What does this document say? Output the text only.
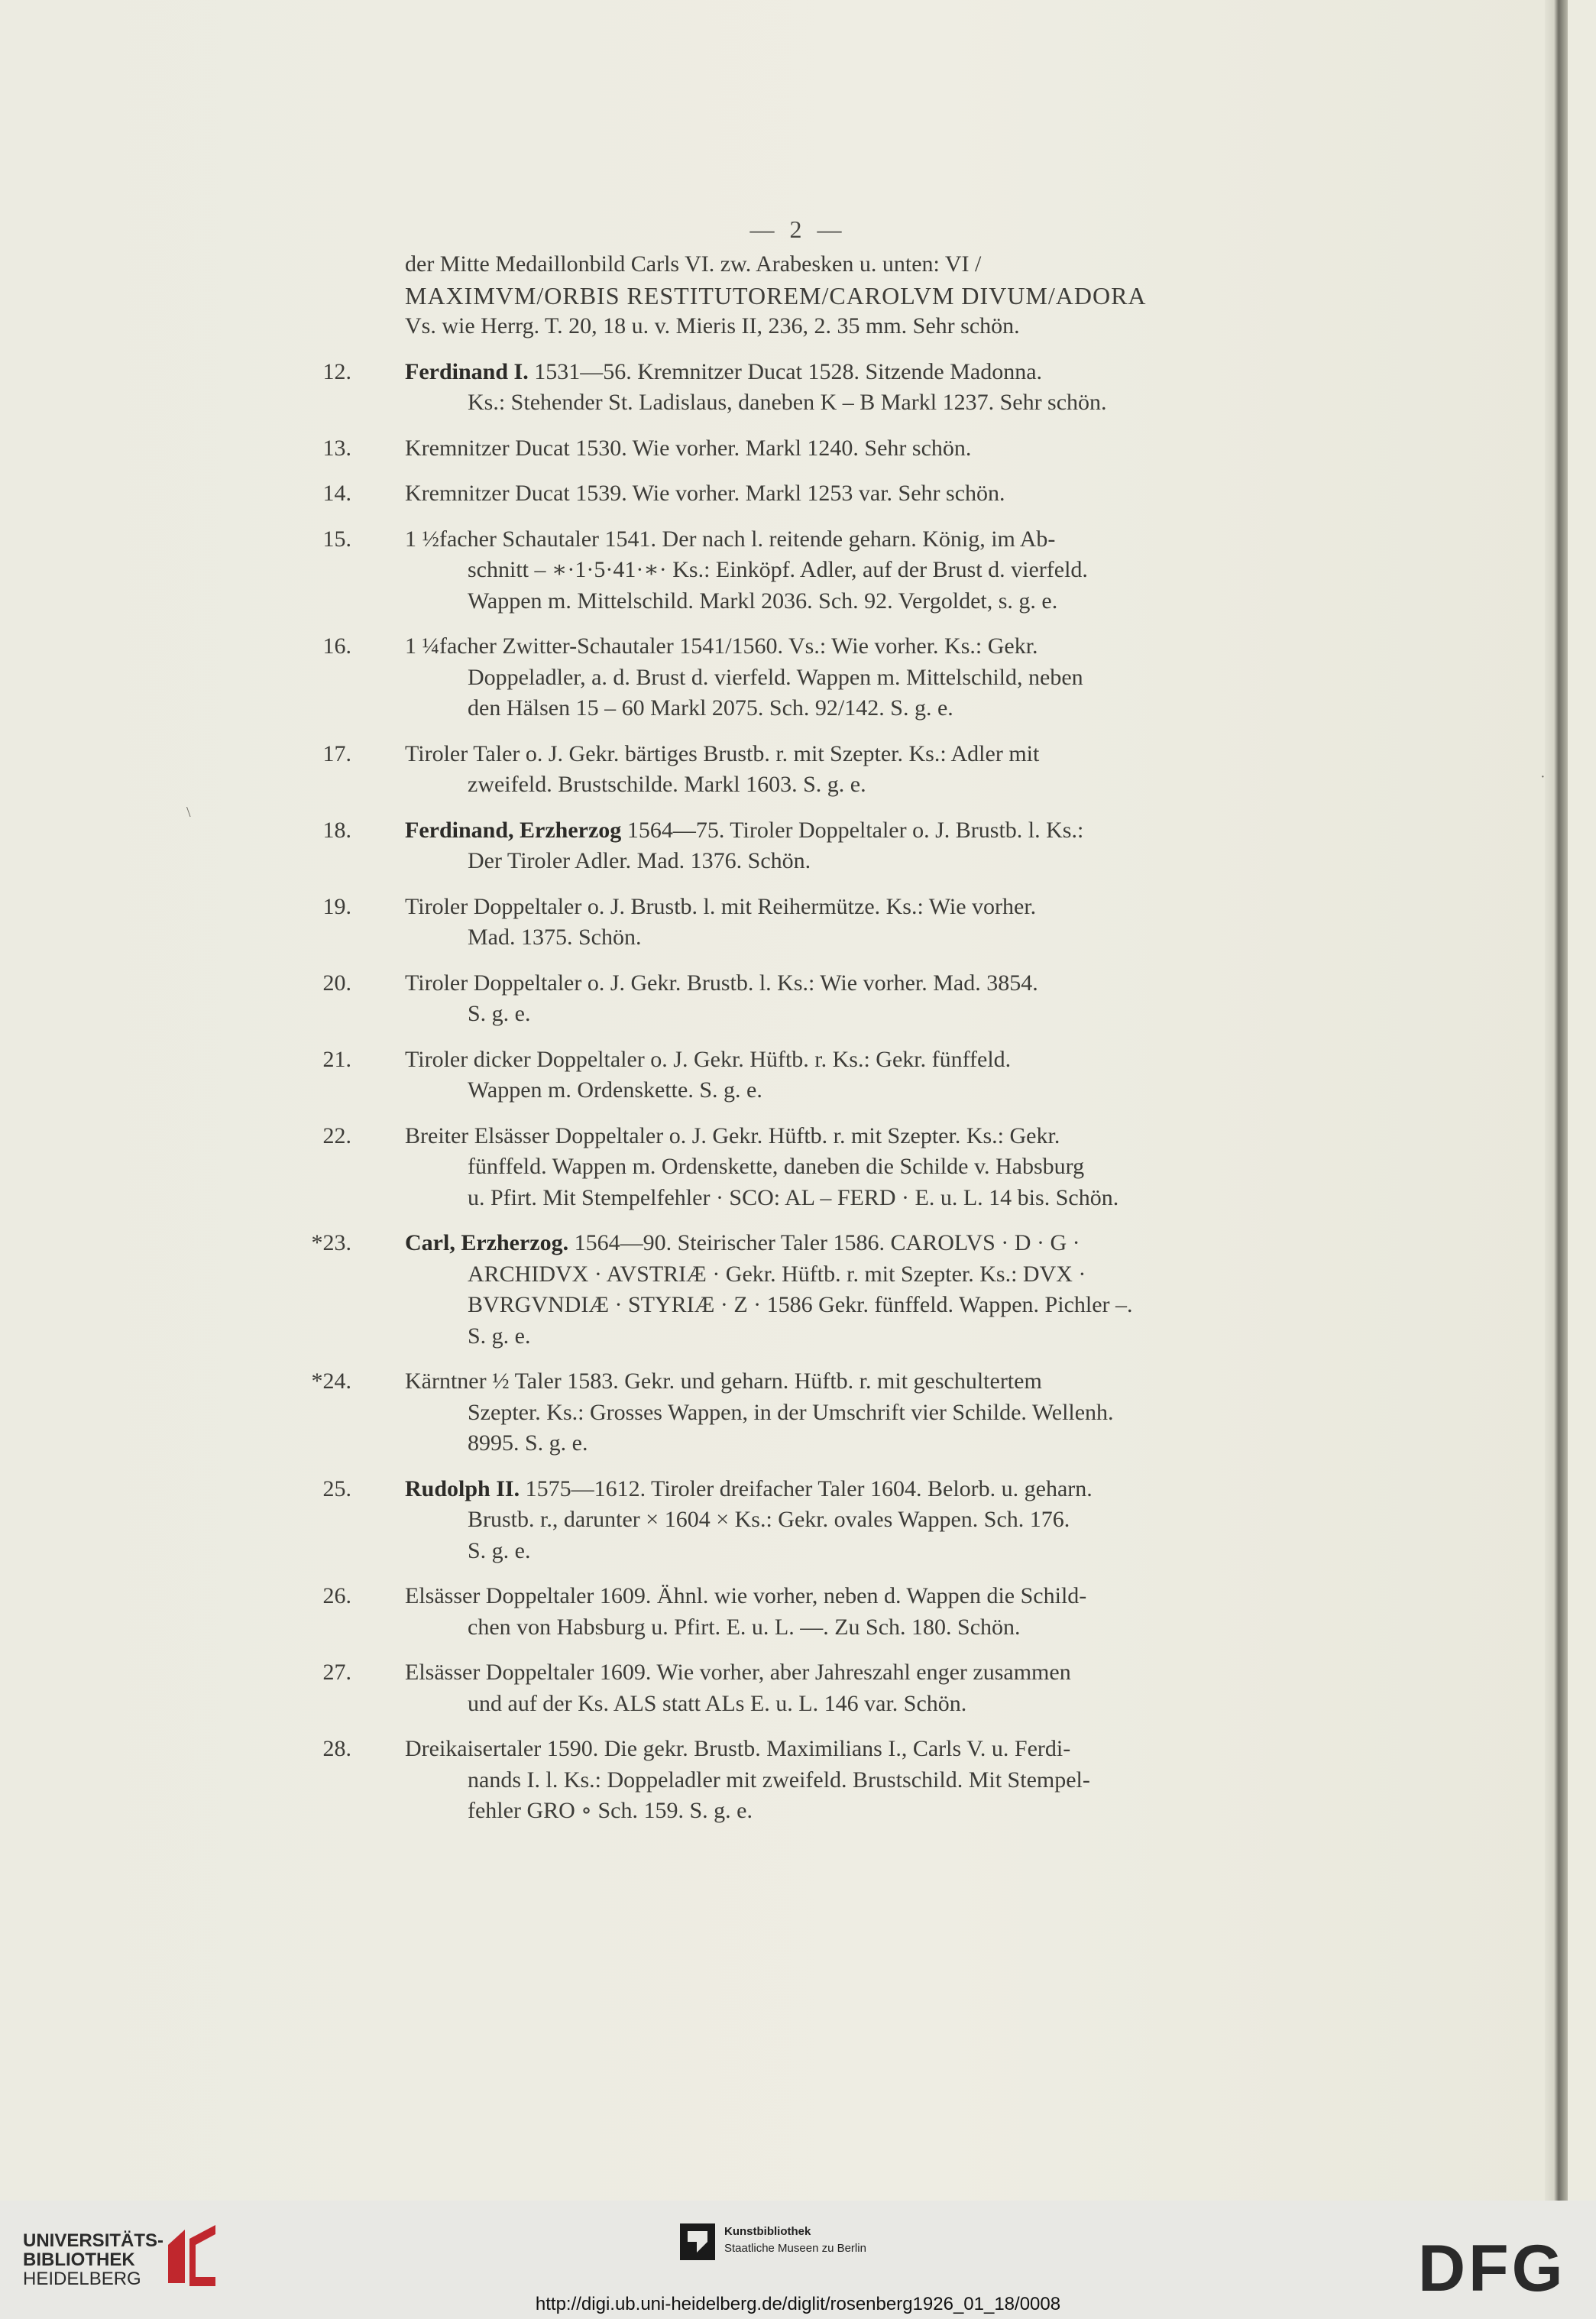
— 2 —
der Mitte Medaillonbild Carls VI. zw. Arabesken u. unten: VI /
MAXIMVM/ORBIS RESTITUTOREM/CAROLVM DIVUM/ADORA
Vs. wie Herrg. T. 20, 18 u. v. Mieris II, 236, 2. 35 mm. Sehr schön.
12. Ferdinand I. 1531—56. Kremnitzer Ducat 1528. Sitzende Madonna.
Ks.: Stehender St. Ladislaus, daneben K – B Markl 1237. Sehr schön.
13. Kremnitzer Ducat 1530. Wie vorher. Markl 1240. Sehr schön.
14. Kremnitzer Ducat 1539. Wie vorher. Markl 1253 var. Sehr schön.
15. 1 ½facher Schautaler 1541. Der nach l. reitende geharn. König, im Ab-
schnitt – ∗·1·5·41·∗· Ks.: Einköpf. Adler, auf der Brust d. vierfeld.
Wappen m. Mittelschild. Markl 2036. Sch. 92. Vergoldet, s. g. e.
16. 1 ¼facher Zwitter-Schautaler 1541/1560. Vs.: Wie vorher. Ks.: Gekr.
Doppeladler, a. d. Brust d. vierfeld. Wappen m. Mittelschild, neben
den Hälsen 15 – 60 Markl 2075. Sch. 92/142. S. g. e.
17. Tiroler Taler o. J. Gekr. bärtiges Brustb. r. mit Szepter. Ks.: Adler mit
zweifeld. Brustschilde. Markl 1603. S. g. e.
18. Ferdinand, Erzherzog 1564—75. Tiroler Doppeltaler o. J. Brustb. l. Ks.:
Der Tiroler Adler. Mad. 1376. Schön.
19. Tiroler Doppeltaler o. J. Brustb. l. mit Reihermütze. Ks.: Wie vorher.
Mad. 1375. Schön.
20. Tiroler Doppeltaler o. J. Gekr. Brustb. l. Ks.: Wie vorher. Mad. 3854.
S. g. e.
21. Tiroler dicker Doppeltaler o. J. Gekr. Hüftb. r. Ks.: Gekr. fünffeld.
Wappen m. Ordenskette. S. g. e.
22. Breiter Elsässer Doppeltaler o. J. Gekr. Hüftb. r. mit Szepter. Ks.: Gekr.
fünffeld. Wappen m. Ordenskette, daneben die Schilde v. Habsburg
u. Pfirt. Mit Stempelfehler · SCO: AL – FERD · E. u. L. 14 bis. Schön.
*23. Carl, Erzherzog. 1564—90. Steirischer Taler 1586. CAROLVS · D · G ·
ARCHIDVX · AVSTRIÆ · Gekr. Hüftb. r. mit Szepter. Ks.: DVX ·
BVRGVNDIÆ · STYRIÆ · Z · 1586 Gekr. fünffeld. Wappen. Pichler –.
S. g. e.
*24. Kärntner ½ Taler 1583. Gekr. und geharn. Hüftb. r. mit geschultertem
Szepter. Ks.: Grosses Wappen, in der Umschrift vier Schilde. Wellenh.
8995. S. g. e.
25. Rudolph II. 1575—1612. Tiroler dreifacher Taler 1604. Belorb. u. geharn.
Brustb. r., darunter × 1604 × Ks.: Gekr. ovales Wappen. Sch. 176.
S. g. e.
26. Elsässer Doppeltaler 1609. Ähnl. wie vorher, neben d. Wappen die Schild-
chen von Habsburg u. Pfirt. E. u. L. —. Zu Sch. 180. Schön.
27. Elsässer Doppeltaler 1609. Wie vorher, aber Jahreszahl enger zusammen
und auf der Ks. ALS statt ALs E. u. L. 146 var. Schön.
28. Dreikaisertaler 1590. Die gekr. Brustb. Maximilians I., Carls V. u. Ferdi-
nands I. l. Ks.: Doppeladler mit zweifeld. Brustschild. Mit Stempel-
fehler GRO ∘ Sch. 159. S. g. e.
\
·
UNIVERSITÄTS-
BIBLIOTHEK
HEIDELBERG
Kunstbibliothek
Staatliche Museen zu Berlin	DFG
http://digi.ub.uni-heidelberg.de/diglit/rosenberg1926_01_18/0008
